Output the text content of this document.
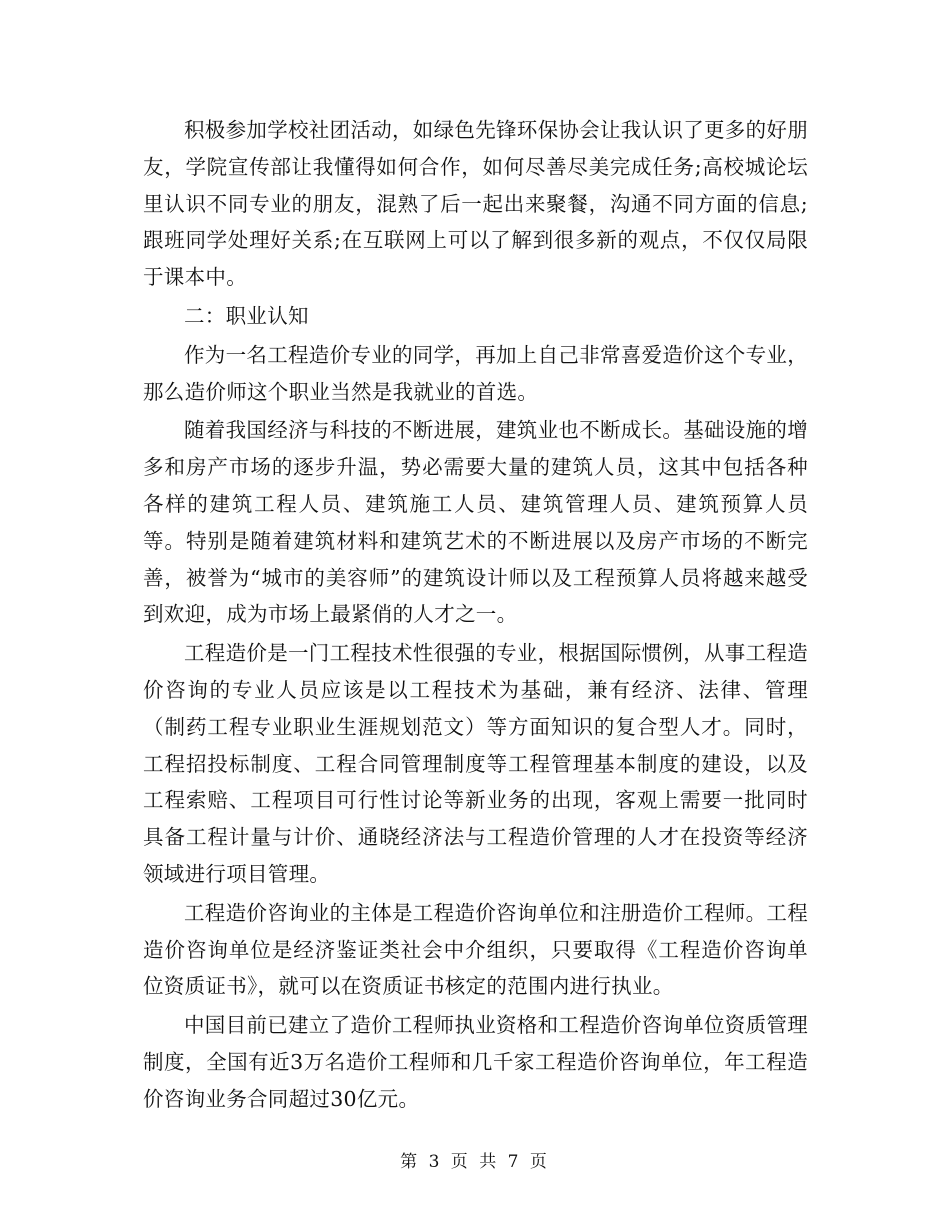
积极参加学校社团活动，如绿色先锋环保协会让我认识了更多的好朋友，学院宣传部让我懂得如何合作，如何尽善尽美完成任务;高校城论坛里认识不同专业的朋友，混熟了后一起出来聚餐，沟通不同方面的信息;跟班同学处理好关系;在互联网上可以了解到很多新的观点，不仅仅局限于课本中。

二：职业认知

作为一名工程造价专业的同学，再加上自己非常喜爱造价这个专业，那么造价师这个职业当然是我就业的首选。

随着我国经济与科技的不断进展，建筑业也不断成长。基础设施的增多和房产市场的逐步升温，势必需要大量的建筑人员，这其中包括各种各样的建筑工程人员、建筑施工人员、建筑管理人员、建筑预算人员等。特别是随着建筑材料和建筑艺术的不断进展以及房产市场的不断完善，被誉为“城市的美容师”的建筑设计师以及工程预算人员将越来越受到欢迎，成为市场上最紧俏的人才之一。

工程造价是一门工程技术性很强的专业，根据国际惯例，从事工程造价咨询的专业人员应该是以工程技术为基础，兼有经济、法律、管理（制药工程专业职业生涯规划范文）等方面知识的复合型人才。同时，工程招投标制度、工程合同管理制度等工程管理基本制度的建设，以及工程索赔、工程项目可行性讨论等新业务的出现，客观上需要一批同时具备工程计量与计价、通晓经济法与工程造价管理的人才在投资等经济领域进行项目管理。

工程造价咨询业的主体是工程造价咨询单位和注册造价工程师。工程造价咨询单位是经济鉴证类社会中介组织，只要取得《工程造价咨询单位资质证书》，就可以在资质证书核定的范围内进行执业。

中国目前已建立了造价工程师执业资格和工程造价咨询单位资质管理制度，全国有近3万名造价工程师和几千家工程造价咨询单位，年工程造价咨询业务合同超过30亿元。

第 3 页 共 7 页
